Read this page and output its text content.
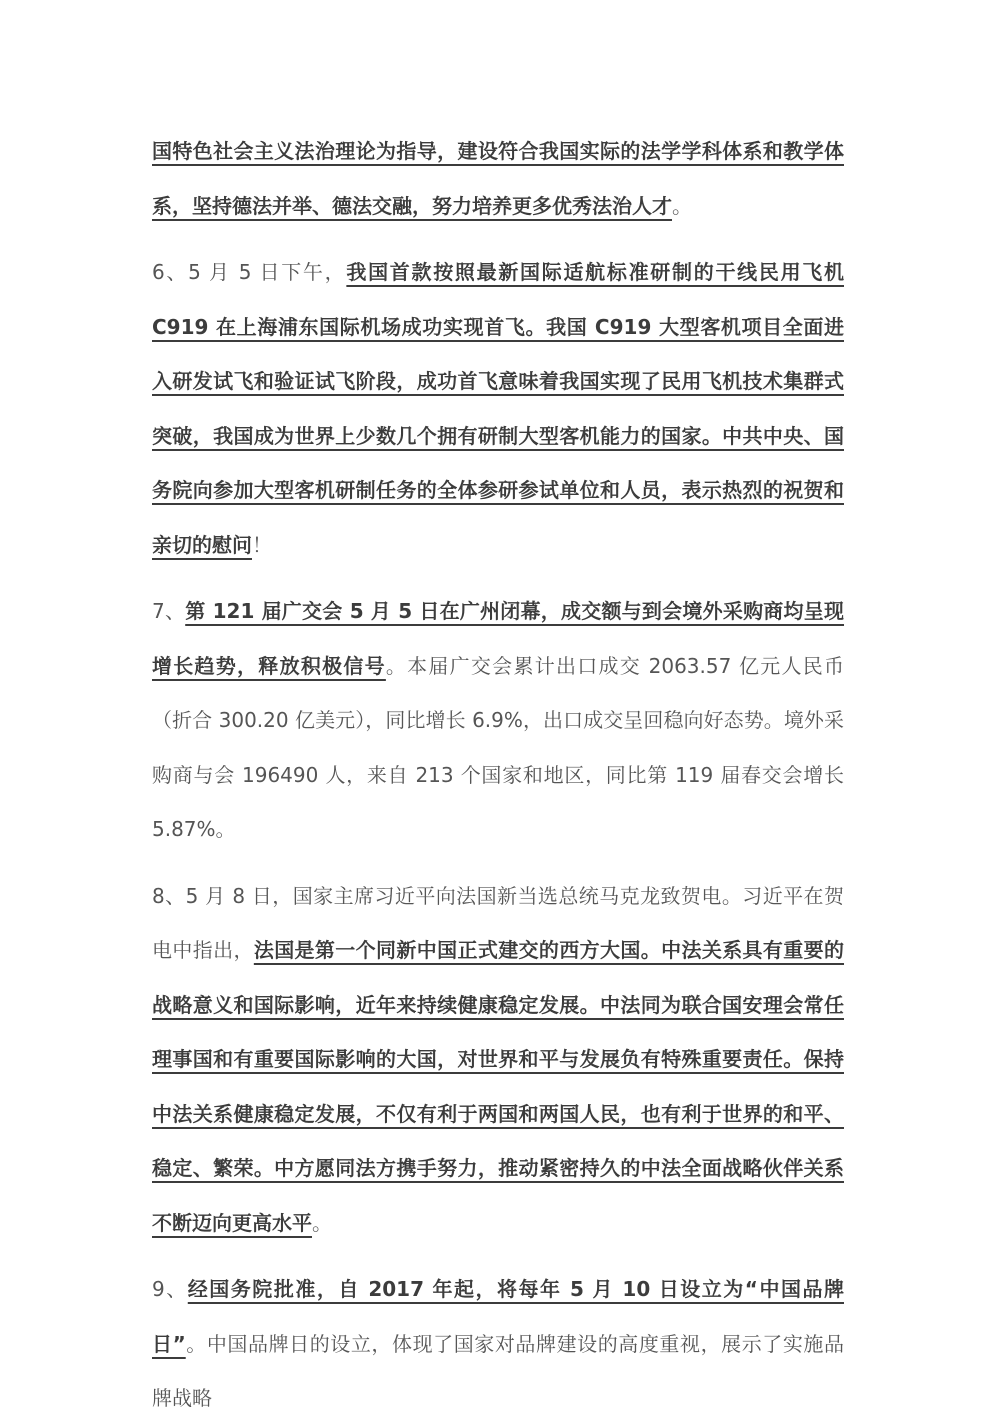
国特色社会主义法治理论为指导，建设符合我国实际的法学学科体系和教学体系，坚持德法并举、德法交融，努力培养更多优秀法治人才。

6、5 月 5 日下午，我国首款按照最新国际适航标准研制的干线民用飞机 C919 在上海浦东国际机场成功实现首飞。我国 C919 大型客机项目全面进入研发试飞和验证试飞阶段，成功首飞意味着我国实现了民用飞机技术集群式突破，我国成为世界上少数几个拥有研制大型客机能力的国家。中共中央、国务院向参加大型客机研制任务的全体参研参试单位和人员，表示热烈的祝贺和亲切的慰问！

7、第 121 届广交会 5 月 5 日在广州闭幕，成交额与到会境外采购商均呈现增长趋势，释放积极信号。本届广交会累计出口成交 2063.57 亿元人民币（折合 300.20 亿美元），同比增长 6.9%，出口成交呈回稳向好态势。境外采购商与会 196490 人，来自 213 个国家和地区，同比第 119 届春交会增长 5.87%。

8、5 月 8 日，国家主席习近平向法国新当选总统马克龙致贺电。习近平在贺电中指出，法国是第一个同新中国正式建交的西方大国。中法关系具有重要的战略意义和国际影响，近年来持续健康稳定发展。中法同为联合国安理会常任理事国和有重要国际影响的大国，对世界和平与发展负有特殊重要责任。保持中法关系健康稳定发展，不仅有利于两国和两国人民，也有利于世界的和平、稳定、繁荣。中方愿同法方携手努力，推动紧密持久的中法全面战略伙伴关系不断迈向更高水平。

9、经国务院批准，自 2017 年起，将每年 5 月 10 日设立为“中国品牌日”。中国品牌日的设立，体现了国家对品牌建设的高度重视，展示了实施品牌战略
